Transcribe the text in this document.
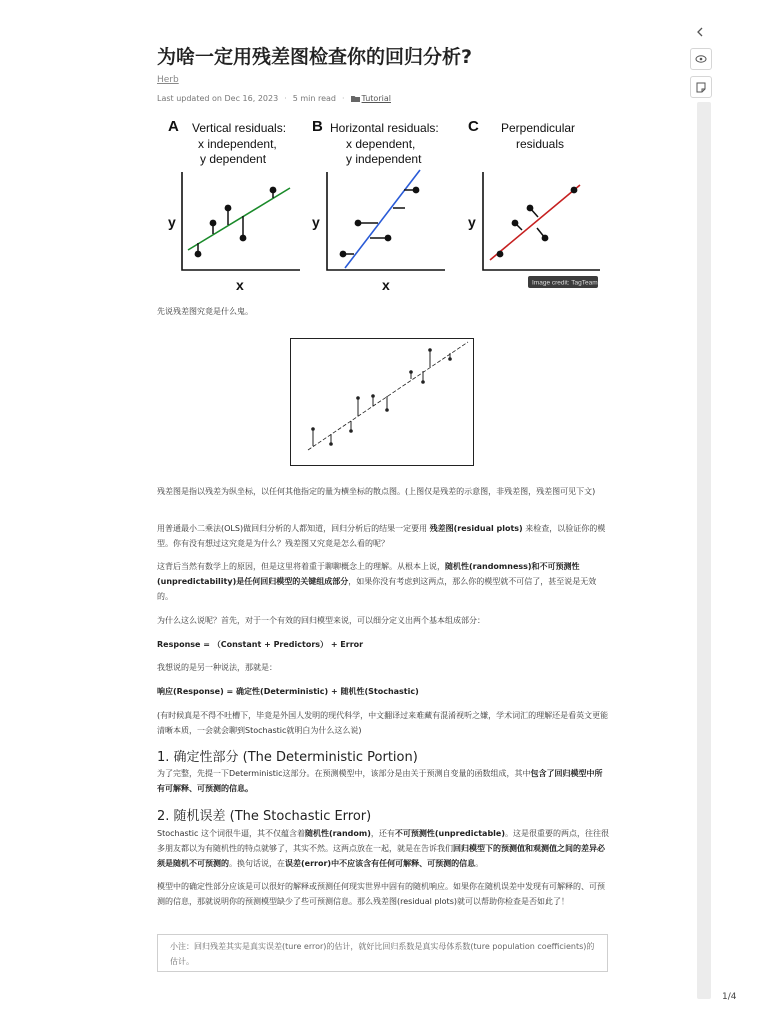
1/4
为啥一定用残差图检查你的回归分析?
Herb
Last updated on Dec 16, 2023 · 5 min read · Tutorial
A Vertical residuals:
x independent,
y dependent
y
x
B Horizontal residuals:
x dependent,
y independent
y
x
C Perpendicular
residuals
y
Image credit: TagTeam
先说残差图究竟是什么鬼。
残差图是指以残差为纵坐标，以任何其他指定的量为横坐标的散点图。(上图仅是残差的示意图，非残差图，残差图可见下文)
用普通最小二乘法(OLS)做回归分析的人都知道，回归分析后的结果一定要用 残差图(residual plots) 来检查，以验证你的模型。你有没有想过这究竟是为什么？残差图又究竟是怎么看的呢？
这背后当然有数学上的原因，但是这里将着重于聊聊概念上的理解。从根本上说，随机性(randomness)和不可预测性(unpredictability)是任何回归模型的关键组成部分，如果你没有考虑到这两点，那么你的模型就不可信了，甚至说是无效的。
为什么这么说呢？首先，对于一个有效的回归模型来说，可以细分定义出两个基本组成部分：
Response = （Constant + Predictors） + Error
我想说的是另一种说法，那就是：
响应(Response) = 确定性(Deterministic) + 随机性(Stochastic)
(有时候真是不得不吐槽下，毕竟是外国人发明的现代科学，中文翻译过来难藏有混淆视听之嫌，学术词汇的理解还是看英文更能清晰本质，一会就会聊到Stochastic就明白为什么这么说)
1. 确定性部分 (The Deterministic Portion)
为了完整，先提一下Deterministic这部分。在预测模型中，该部分是由关于预测自变量的函数组成，其中包含了回归模型中所有可解释、可预测的信息。
2. 随机误差 (The Stochastic Error)
Stochastic 这个词很牛逼，其不仅蕴含着随机性(random)，还有不可预测性(unpredictable)。这是很重要的两点，往往很多朋友都以为有随机性的特点就够了，其实不然。这两点放在一起，就是在告诉我们回归模型下的预测值和观测值之间的差异必须是随机不可预测的。换句话说，在误差(error)中不应该含有任何可解释、可预测的信息。
模型中的确定性部分应该是可以很好的解释或预测任何现实世界中固有的随机响应。如果你在随机误差中发现有可解释的、可预测的信息，那就说明你的预测模型缺少了些可预测信息。那么残差图(residual plots)就可以帮助你检查是否如此了！
小注：回归残差其实是真实误差(ture error)的估计，就好比回归系数是真实母体系数(ture population coefficients)的估计。
